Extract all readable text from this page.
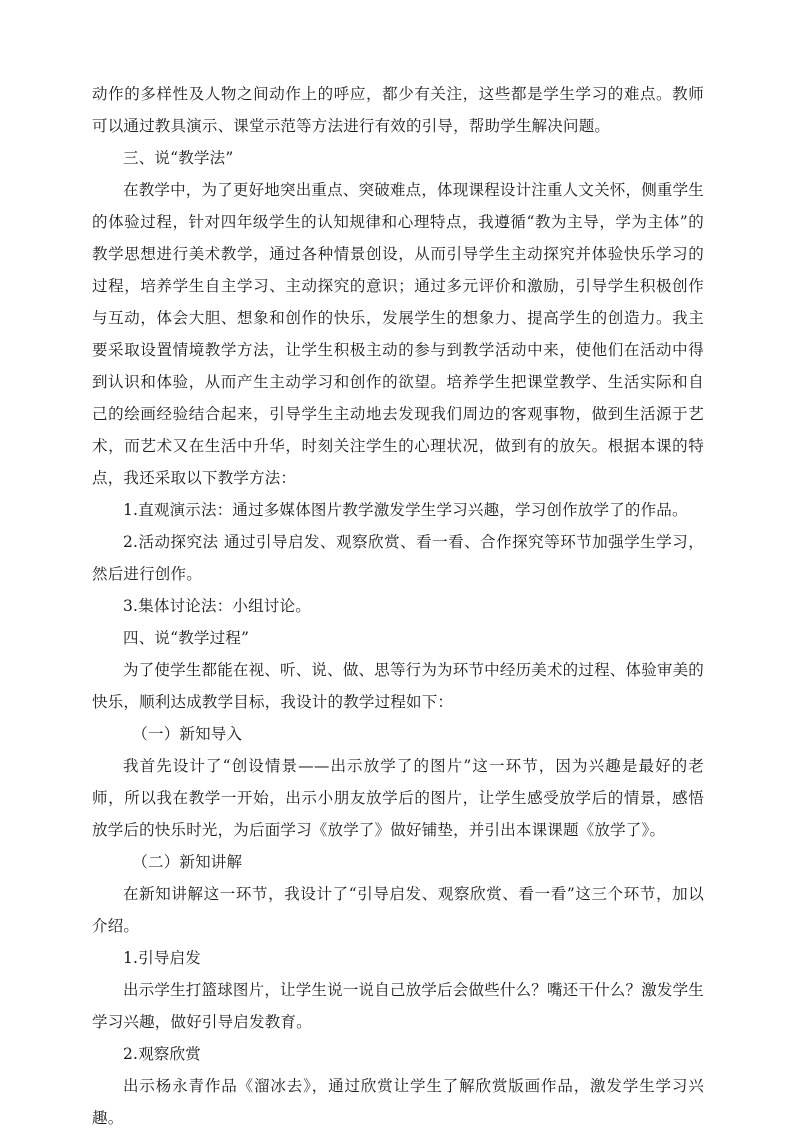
动作的多样性及人物之间动作上的呼应，都少有关注，这些都是学生学习的难点。教师可以通过教具演示、课堂示范等方法进行有效的引导，帮助学生解决问题。

三、说“教学法”

在教学中，为了更好地突出重点、突破难点，体现课程设计注重人文关怀，侧重学生的体验过程，针对四年级学生的认知规律和心理特点，我遵循“教为主导，学为主体”的教学思想进行美术教学，通过各种情景创设，从而引导学生主动探究并体验快乐学习的过程，培养学生自主学习、主动探究的意识；通过多元评价和激励，引导学生积极创作与互动，体会大胆、想象和创作的快乐，发展学生的想象力、提高学生的创造力。我主要采取设置情境教学方法，让学生积极主动的参与到教学活动中来，使他们在活动中得到认识和体验，从而产生主动学习和创作的欲望。培养学生把课堂教学、生活实际和自己的绘画经验结合起来，引导学生主动地去发现我们周边的客观事物，做到生活源于艺术，而艺术又在生活中升华，时刻关注学生的心理状况，做到有的放矢。根据本课的特点，我还采取以下教学方法：

1.直观演示法：通过多媒体图片教学激发学生学习兴趣，学习创作放学了的作品。

2.活动探究法 通过引导启发、观察欣赏、看一看、合作探究等环节加强学生学习，然后进行创作。

3.集体讨论法：小组讨论。

四、说“教学过程”

为了使学生都能在视、听、说、做、思等行为为环节中经历美术的过程、体验审美的快乐，顺利达成教学目标，我设计的教学过程如下：

（一）新知导入

我首先设计了“创设情景——出示放学了的图片”这一环节，因为兴趣是最好的老师，所以我在教学一开始，出示小朋友放学后的图片，让学生感受放学后的情景，感悟放学后的快乐时光，为后面学习《放学了》做好铺垫，并引出本课课题《放学了》。

（二）新知讲解

在新知讲解这一环节，我设计了“引导启发、观察欣赏、看一看”这三个环节，加以介绍。

1.引导启发

出示学生打篮球图片，让学生说一说自己放学后会做些什么？嘴还干什么？激发学生学习兴趣，做好引导启发教育。

2.观察欣赏

出示杨永青作品《溜冰去》，通过欣赏让学生了解欣赏版画作品，激发学生学习兴趣。
